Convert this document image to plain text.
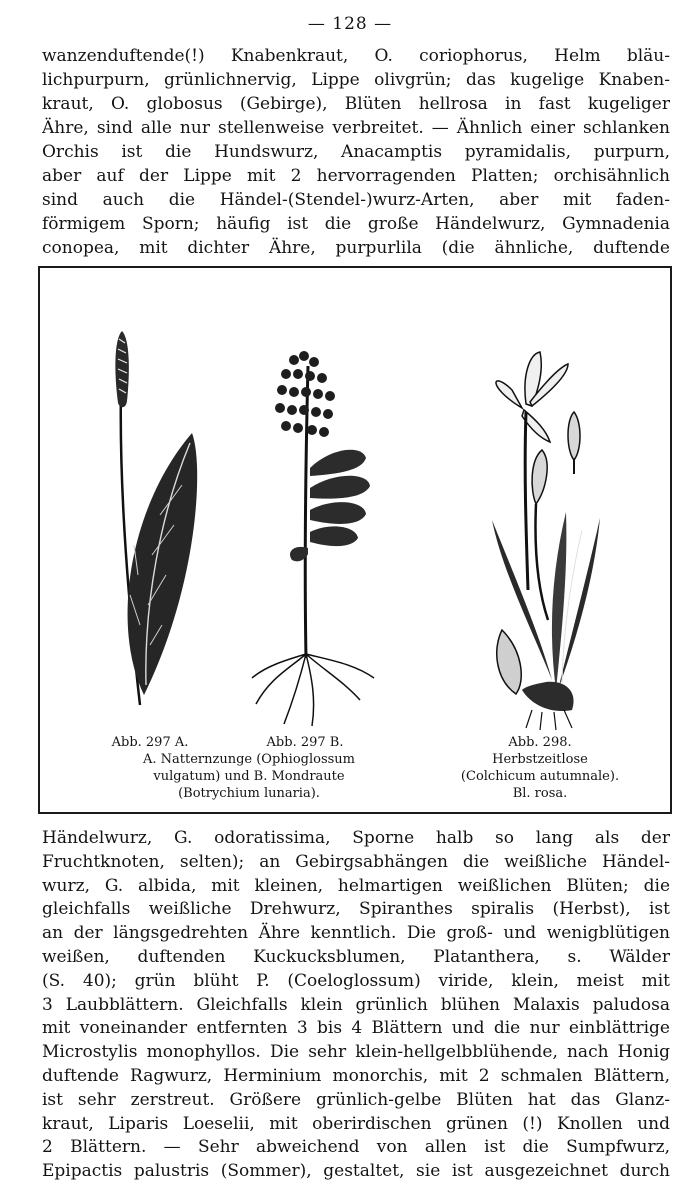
— 128 —
wanzenduftende(!) Knabenkraut, O. coriophorus, Helm bläu-
lichpurpurn, grünlichnervig, Lippe olivgrün; das kugelige Knaben-
kraut, O. globosus (Gebirge), Blüten hellrosa in fast kugeliger
Ähre, sind alle nur stellenweise verbreitet. — Ähnlich einer schlanken
Orchis ist die Hundswurz, Anacamptis pyramidalis, purpurn,
aber auf der Lippe mit 2 hervorragenden Platten; orchisähnlich
sind auch die Händel-(Stendel-)wurz-Arten, aber mit faden-
förmigem Sporn; häufig ist die große Händelwurz, Gymnadenia
conopea, mit dichter Ähre, purpurlila (die ähnliche, duftende
Abb. 297 A.	Abb. 297 B.
A. Natternzunge (Ophioglossum
vulgatum) und B. Mondraute
(Botrychium lunaria).
Abb. 298.
Herbstzeitlose
(Colchicum autumnale).
Bl. rosa.
Händelwurz, G. odoratissima, Sporne halb so lang als der
Fruchtknoten, selten); an Gebirgsabhängen die weißliche Händel-
wurz, G. albida, mit kleinen, helmartigen weißlichen Blüten; die
gleichfalls weißliche Drehwurz, Spiranthes spiralis (Herbst), ist
an der längsgedrehten Ähre kenntlich. Die groß- und wenigblütigen
weißen, duftenden Kuckucksblumen, Platanthera, s. Wälder
(S. 40); grün blüht P. (Coeloglossum) viride, klein, meist mit
3 Laubblättern. Gleichfalls klein grünlich blühen Malaxis paludosa
mit voneinander entfernten 3 bis 4 Blättern und die nur einblättrige
Microstylis monophyllos. Die sehr klein-hellgelbblühende, nach Honig
duftende Ragwurz, Herminium monorchis, mit 2 schmalen Blättern,
ist sehr zerstreut. Größere grünlich-gelbe Blüten hat das Glanz-
kraut, Liparis Loeselii, mit oberirdischen grünen (!) Knollen und
2 Blättern. — Sehr abweichend von allen ist die Sumpfwurz,
Epipactis palustris (Sommer), gestaltet, sie ist ausgezeichnet durch
